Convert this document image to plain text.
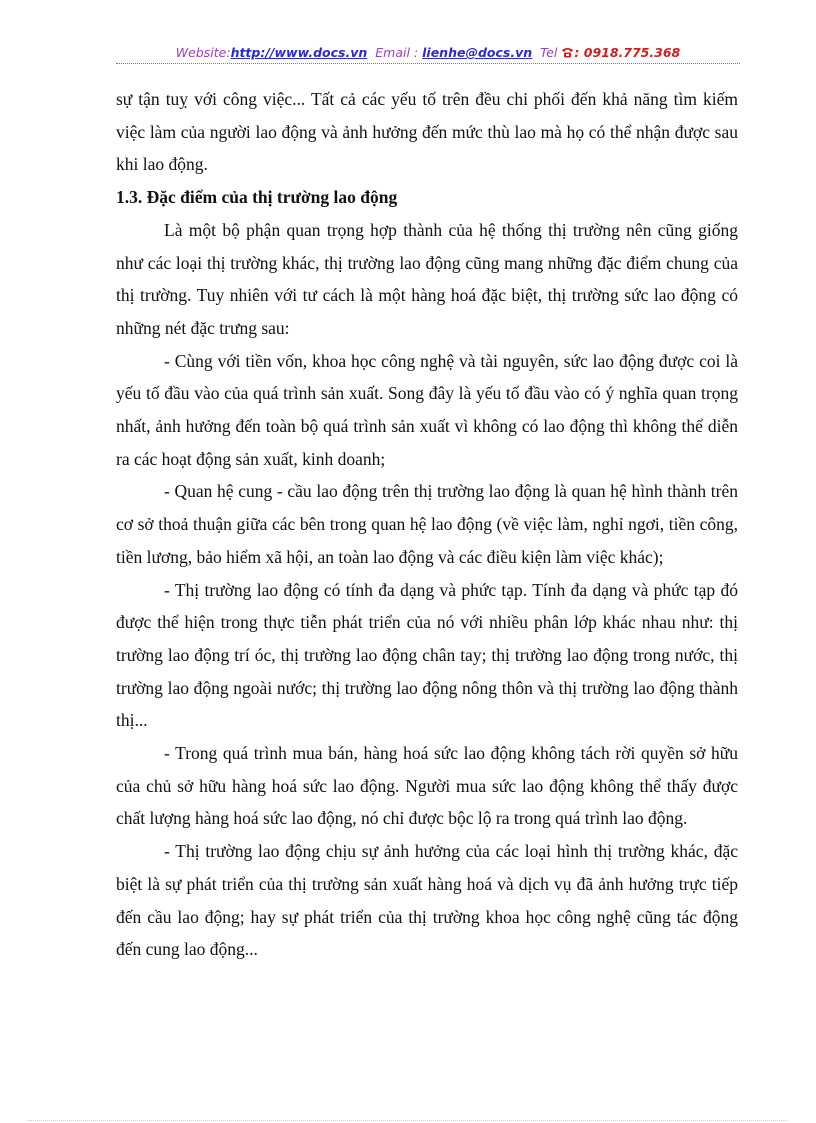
Website:http://www.docs.vn Email : lienhe@docs.vn Tel : 0918.775.368

sự tận tuỵ với công việc... Tất cả các yếu tố trên đều chi phối đến khả năng tìm kiếm việc làm của người lao động và ảnh hưởng đến mức thù lao mà họ có thể nhận được sau khi lao động.

1.3. Đặc điểm của thị trường lao động

Là một bộ phận quan trọng hợp thành của hệ thống thị trường nên cũng giống như các loại thị trường khác, thị trường lao động cũng mang những đặc điểm chung của thị trường. Tuy nhiên với tư cách là một hàng hoá đặc biệt, thị trường sức lao động có những nét đặc trưng sau:

- Cùng với tiền vốn, khoa học công nghệ và tài nguyên, sức lao động được coi là yếu tố đầu vào của quá trình sản xuất. Song đây là yếu tố đầu vào có ý nghĩa quan trọng nhất, ảnh hưởng đến toàn bộ quá trình sản xuất vì không có lao động thì không thể diễn ra các hoạt động sản xuất, kinh doanh;

- Quan hệ cung - cầu lao động trên thị trường lao động là quan hệ hình thành trên cơ sở thoả thuận giữa các bên trong quan hệ lao động (về việc làm, nghỉ ngơi, tiền công, tiền lương, bảo hiểm xã hội, an toàn lao động và các điều kiện làm việc khác);

- Thị trường lao động có tính đa dạng và phức tạp. Tính đa dạng và phức tạp đó được thể hiện trong thực tiễn phát triển của nó với nhiều phân lớp khác nhau như: thị trường lao động trí óc, thị trường lao động chân tay; thị trường lao động trong nước, thị trường lao động ngoài nước; thị trường lao động nông thôn và thị trường lao động thành thị...

- Trong quá trình mua bán, hàng hoá sức lao động không tách rời quyền sở hữu của chủ sở hữu hàng hoá sức lao động. Người mua sức lao động không thể thấy được chất lượng hàng hoá sức lao động, nó chỉ được bộc lộ ra trong quá trình lao động.

- Thị trường lao động chịu sự ảnh hưởng của các loại hình thị trường khác, đặc biệt là sự phát triển của thị trường sản xuất hàng hoá và dịch vụ đã ảnh hưởng trực tiếp đến cầu lao động; hay sự phát triển của thị trường khoa học công nghệ cũng tác động đến cung lao động...
